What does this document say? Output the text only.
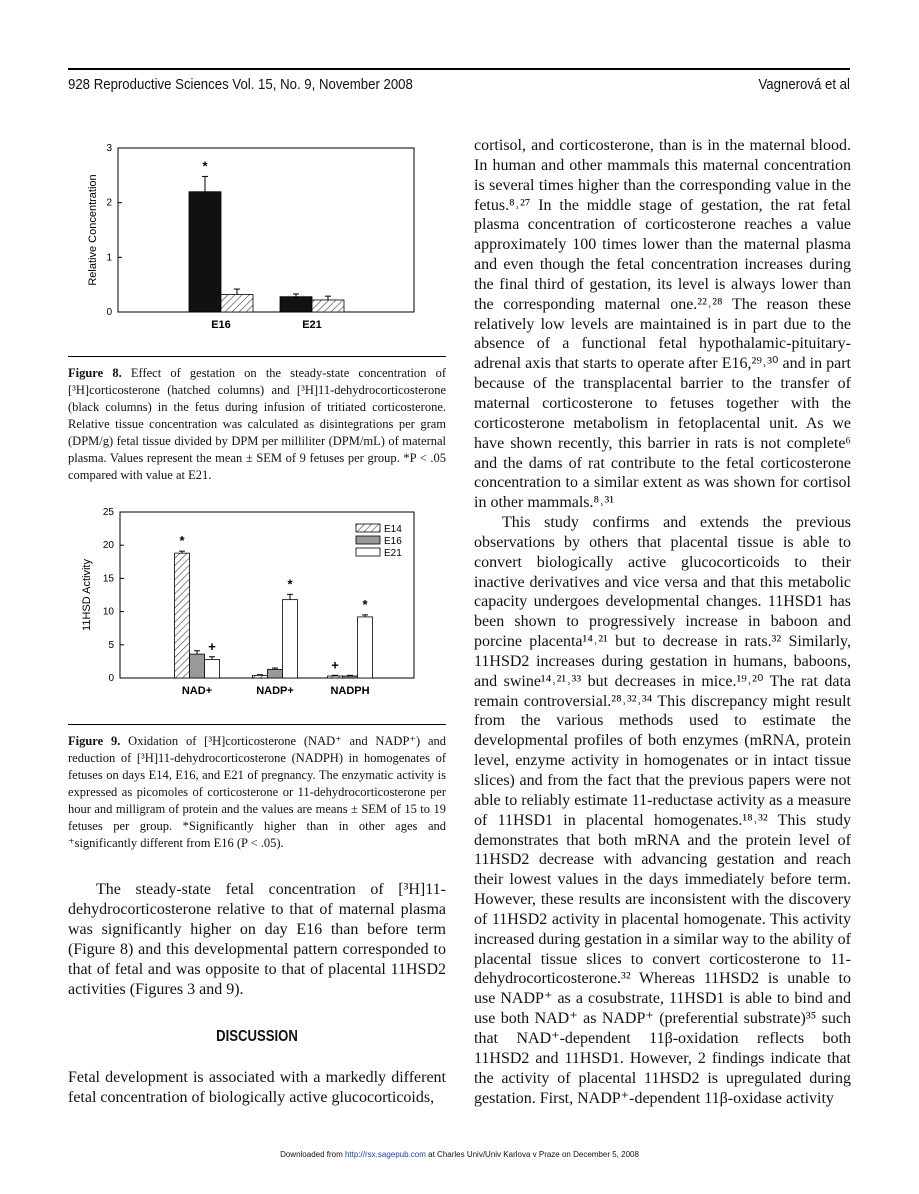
928 Reproductive Sciences Vol. 15, No. 9, November 2008	Vagnerová et al
0
1
2
3
Relative Concentration
E16	E21
*
Figure 8. Effect of gestation on the steady-state concentration of [³H]corticosterone (hatched columns) and [³H]11-dehydrocorticosterone (black columns) in the fetus during infusion of tritiated corticosterone. Relative tissue concentration was calculated as disintegrations per gram (DPM/g) fetal tissue divided by DPM per milliliter (DPM/mL) of maternal plasma. Values represent the mean ± SEM of 9 fetuses per group. *P < .05 compared with value at E21.
0
5
10
15
20
25
11HSD Activity
NAD+	NADP+	NADPH
*
+
*
+
*
E14
E16
E21
Figure 9. Oxidation of [³H]corticosterone (NAD⁺ and NADP⁺) and reduction of [³H]11-dehydrocorticosterone (NADPH) in homogenates of fetuses on days E14, E16, and E21 of pregnancy. The enzymatic activity is expressed as picomoles of corticosterone or 11-dehydrocorticosterone per hour and milligram of protein and the values are means ± SEM of 15 to 19 fetuses per group. *Significantly higher than in other ages and ⁺significantly different from E16 (P < .05).

The steady-state fetal concentration of [³H]11-dehydrocorticosterone relative to that of maternal plasma was significantly higher on day E16 than before term (Figure 8) and this developmental pattern corresponded to that of fetal and was opposite to that of placental 11HSD2 activities (Figures 3 and 9).

DISCUSSION

Fetal development is associated with a markedly different fetal concentration of biologically active glucocorticoids,

cortisol, and corticosterone, than is in the maternal blood. In human and other mammals this maternal concentration is several times higher than the corresponding value in the fetus.⁸˒²⁷ In the middle stage of gestation, the rat fetal plasma concentration of corticosterone reaches a value approximately 100 times lower than the maternal plasma and even though the fetal concentration increases during the final third of gestation, its level is always lower than the corresponding maternal one.²²˒²⁸ The reason these relatively low levels are maintained is in part due to the absence of a functional fetal hypothalamic-pituitary-adrenal axis that starts to operate after E16,²⁹˒³⁰ and in part because of the transplacental barrier to the transfer of maternal corticosterone to fetuses together with the corticosterone metabolism in fetoplacental unit. As we have shown recently, this barrier in rats is not complete⁶ and the dams of rat contribute to the fetal corticosterone concentration to a similar extent as was shown for cortisol in other mammals.⁸˒³¹

This study confirms and extends the previous observations by others that placental tissue is able to convert biologically active glucocorticoids to their inactive derivatives and vice versa and that this metabolic capacity undergoes developmental changes. 11HSD1 has been shown to progressively increase in baboon and porcine placenta¹⁴˒²¹ but to decrease in rats.³² Similarly, 11HSD2 increases during gestation in humans, baboons, and swine¹⁴˒²¹˒³³ but decreases in mice.¹⁹˒²⁰ The rat data remain controversial.²⁸˒³²˒³⁴ This discrepancy might result from the various methods used to estimate the developmental profiles of both enzymes (mRNA, protein level, enzyme activity in homogenates or in intact tissue slices) and from the fact that the previous papers were not able to reliably estimate 11-reductase activity as a measure of 11HSD1 in placental homogenates.¹⁸˒³² This study demonstrates that both mRNA and the protein level of 11HSD2 decrease with advancing gestation and reach their lowest values in the days immediately before term. However, these results are inconsistent with the discovery of 11HSD2 activity in placental homogenate. This activity increased during gestation in a similar way to the ability of placental tissue slices to convert corticosterone to 11-dehydrocorticosterone.³² Whereas 11HSD2 is unable to use NADP⁺ as a cosubstrate, 11HSD1 is able to bind and use both NAD⁺ as NADP⁺ (preferential substrate)³⁵ such that NAD⁺-dependent 11β-oxidation reflects both 11HSD2 and 11HSD1. However, 2 findings indicate that the activity of placental 11HSD2 is upregulated during gestation. First, NADP⁺-dependent 11β-oxidase activity

Downloaded from http://rsx.sagepub.com at Charles Univ/Univ Karlova v Praze on December 5, 2008
